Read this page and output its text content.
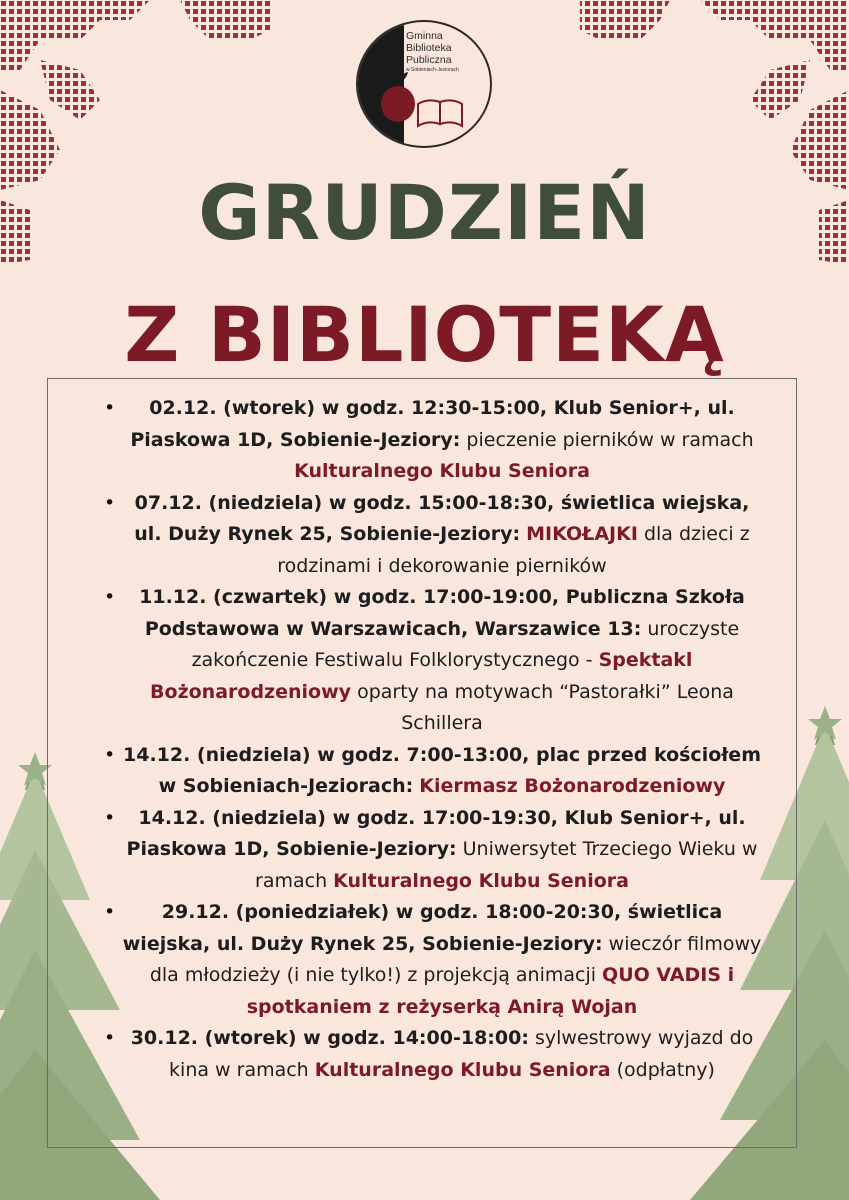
Gminna
Biblioteka
Publiczna
w Sobieniach-Jeziorach
GRUDZIEŃ
Z BIBLIOTEKĄ
• 02.12. (wtorek) w godz. 12:30-15:00, Klub Senior+, ul. Piaskowa 1D, Sobienie-Jeziory: pieczenie pierników w ramach Kulturalnego Klubu Seniora
• 07.12. (niedziela) w godz. 15:00-18:30, świetlica wiejska, ul. Duży Rynek 25, Sobienie-Jeziory: MIKOŁAJKI dla dzieci z rodzinami i dekorowanie pierników
• 11.12. (czwartek) w godz. 17:00-19:00, Publiczna Szkoła Podstawowa w Warszawicach, Warszawice 13: uroczyste zakończenie Festiwalu Folklorystycznego - Spektakl Bożonarodzeniowy oparty na motywach “Pastorałki” Leona Schillera
• 14.12. (niedziela) w godz. 7:00-13:00, plac przed kościołem w Sobieniach-Jeziorach: Kiermasz Bożonarodzeniowy
• 14.12. (niedziela) w godz. 17:00-19:30, Klub Senior+, ul. Piaskowa 1D, Sobienie-Jeziory: Uniwersytet Trzeciego Wieku w ramach Kulturalnego Klubu Seniora
• 29.12. (poniedziałek) w godz. 18:00-20:30, świetlica wiejska, ul. Duży Rynek 25, Sobienie-Jeziory: wieczór filmowy dla młodzieży (i nie tylko!) z projekcją animacji QUO VADIS i spotkaniem z reżyserką Anirą Wojan
• 30.12. (wtorek) w godz. 14:00-18:00: sylwestrowy wyjazd do kina w ramach Kulturalnego Klubu Seniora (odpłatny)
